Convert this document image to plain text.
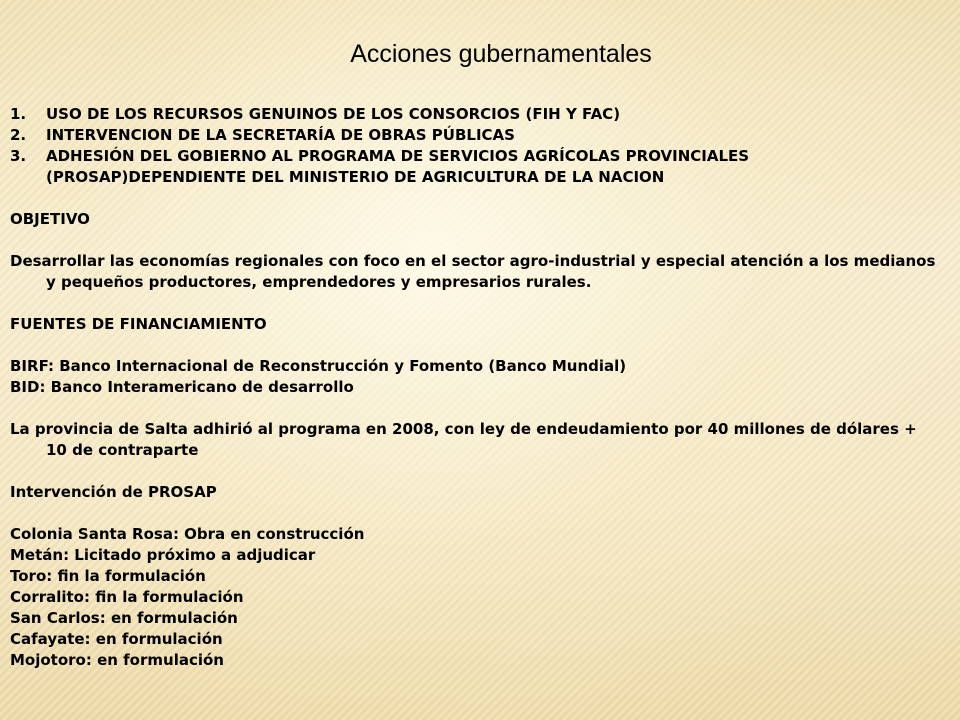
Acciones gubernamentales
1. USO DE LOS RECURSOS GENUINOS DE LOS CONSORCIOS (FIH Y FAC)
2. INTERVENCION DE LA SECRETARÍA DE OBRAS PÚBLICAS
3. ADHESIÓN DEL GOBIERNO AL PROGRAMA DE SERVICIOS AGRÍCOLAS PROVINCIALES (PROSAP)DEPENDIENTE DEL MINISTERIO DE AGRICULTURA DE LA NACION

OBJETIVO

Desarrollar las economías regionales con foco en el sector agro-industrial y especial atención a los medianos y pequeños productores, emprendedores y empresarios rurales.

FUENTES DE FINANCIAMIENTO

BIRF: Banco Internacional de Reconstrucción y Fomento (Banco Mundial)

BID: Banco Interamericano de desarrollo

La provincia de Salta adhirió al programa en 2008, con ley de endeudamiento por 40 millones de dólares + 10 de contraparte

Intervención de PROSAP

Colonia Santa Rosa: Obra en construcción

Metán: Licitado próximo a adjudicar

Toro: fin la formulación

Corralito: fin la formulación

San Carlos: en formulación

Cafayate: en formulación

Mojotoro: en formulación
